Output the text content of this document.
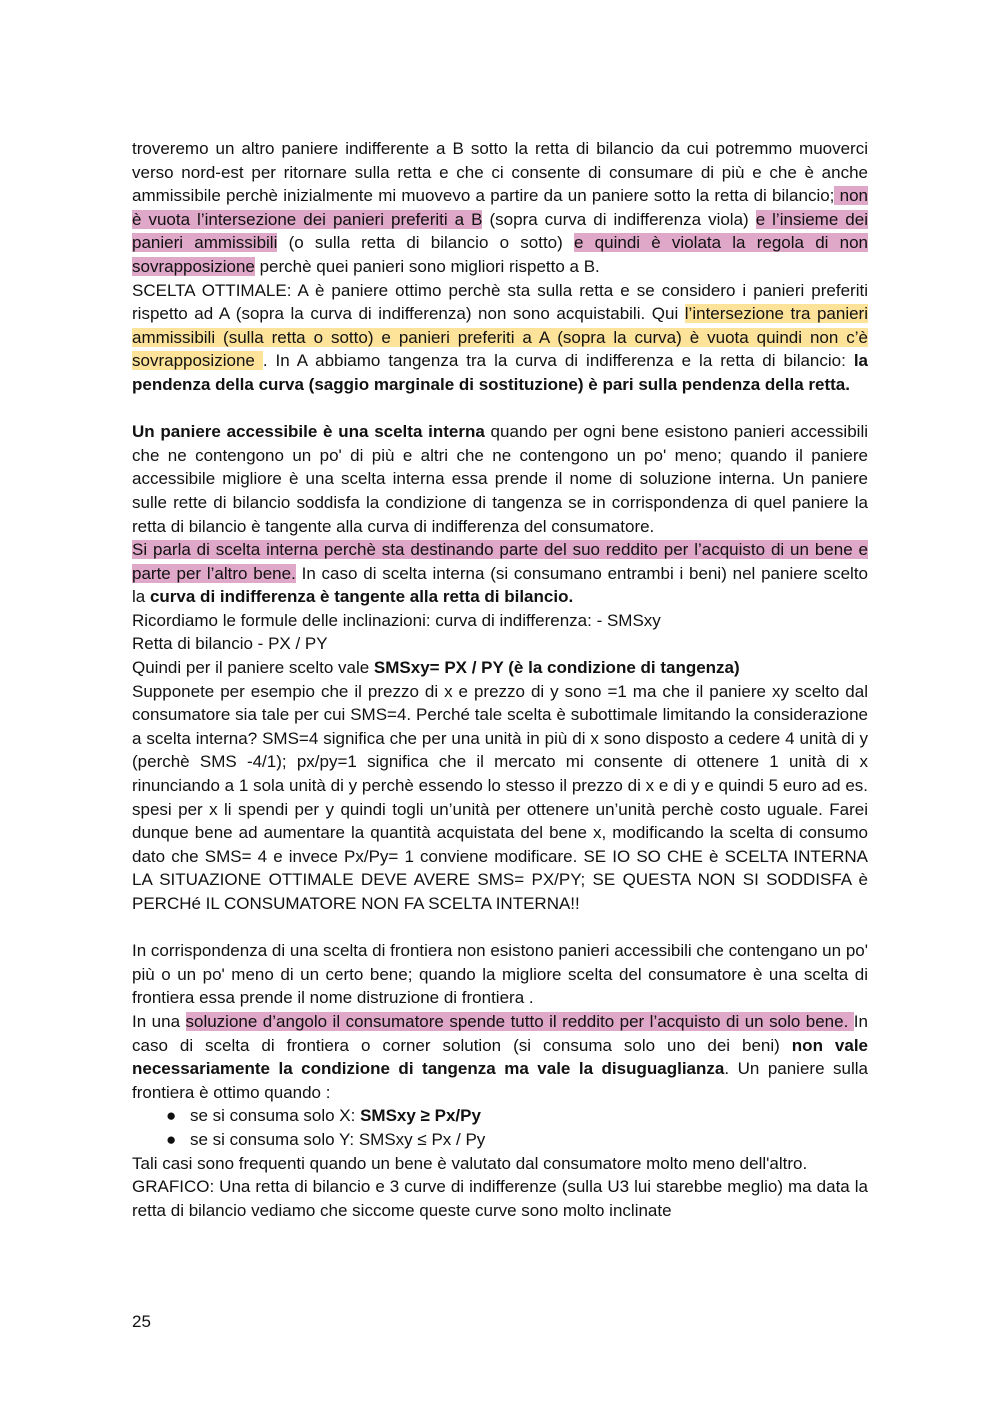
troveremo un altro paniere indifferente a B sotto la retta di bilancio da cui potremmo muoverci verso nord-est per ritornare sulla retta e che ci consente di consumare di più e che è anche ammissibile perchè inizialmente mi muovevo a partire da un paniere sotto la retta di bilancio; non è vuota l’intersezione dei panieri preferiti a B (sopra curva di indifferenza viola) e l’insieme dei panieri ammissibili (o sulla retta di bilancio o sotto) e quindi è violata la regola di non sovrapposizione perchè quei panieri sono migliori rispetto a B.

SCELTA OTTIMALE: A è paniere ottimo perchè sta sulla retta e se considero i panieri preferiti rispetto ad A (sopra la curva di indifferenza) non sono acquistabili. Qui l’intersezione tra panieri ammissibili (sulla retta o sotto) e panieri preferiti a A (sopra la curva) è vuota quindi non c’è sovrapposizione . In A abbiamo tangenza tra la curva di indifferenza e la retta di bilancio: la pendenza della curva (saggio marginale di sostituzione) è pari sulla pendenza della retta.

Un paniere accessibile è una scelta interna quando per ogni bene esistono panieri accessibili che ne contengono un po' di più e altri che ne contengono un po' meno; quando il paniere accessibile migliore è una scelta interna essa prende il nome di soluzione interna. Un paniere sulle rette di bilancio soddisfa la condizione di tangenza se in corrispondenza di quel paniere la retta di bilancio è tangente alla curva di indifferenza del consumatore.

Si parla di scelta interna perchè sta destinando parte del suo reddito per l’acquisto di un bene e parte per l’altro bene. In caso di scelta interna (si consumano entrambi i beni) nel paniere scelto la curva di indifferenza è tangente alla retta di bilancio.

Ricordiamo le formule delle inclinazioni: curva di indifferenza: - SMSxy

Retta di bilancio - PX / PY

Quindi per il paniere scelto vale SMSxy= PX / PY (è la condizione di tangenza)

Supponete per esempio che il prezzo di x e prezzo di y sono =1 ma che il paniere xy scelto dal consumatore sia tale per cui SMS=4. Perché tale scelta è subottimale limitando la considerazione a scelta interna? SMS=4 significa che per una unità in più di x sono disposto a cedere 4 unità di y (perchè SMS -4/1); px/py=1 significa che il mercato mi consente di ottenere 1 unità di x rinunciando a 1 sola unità di y perchè essendo lo stesso il prezzo di x e di y e quindi 5 euro ad es. spesi per x li spendi per y quindi togli un’unità per ottenere un’unità perchè costo uguale. Farei dunque bene ad aumentare la quantità acquistata del bene x, modificando la scelta di consumo dato che SMS= 4 e invece Px/Py= 1 conviene modificare. SE IO SO CHE è SCELTA INTERNA LA SITUAZIONE OTTIMALE DEVE AVERE SMS= PX/PY; SE QUESTA NON SI SODDISFA è PERCHé IL CONSUMATORE NON FA SCELTA INTERNA!!

In corrispondenza di una scelta di frontiera non esistono panieri accessibili che contengano un po' più o un po' meno di un certo bene; quando la migliore scelta del consumatore è una scelta di frontiera essa prende il nome distruzione di frontiera .

In una soluzione d’angolo il consumatore spende tutto il reddito per l’acquisto di un solo bene. In caso di scelta di frontiera o corner solution (si consuma solo uno dei beni) non vale necessariamente la condizione di tangenza ma vale la disuguaglianza. Un paniere sulla frontiera è ottimo quando :

● se si consuma solo X: SMSxy ≥ Px/Py
● se si consuma solo Y: SMSxy ≤ Px / Py

Tali casi sono frequenti quando un bene è valutato dal consumatore molto meno dell'altro.

GRAFICO: Una retta di bilancio e 3 curve di indifferenze (sulla U3 lui starebbe meglio) ma data la retta di bilancio vediamo che siccome queste curve sono molto inclinate

25
